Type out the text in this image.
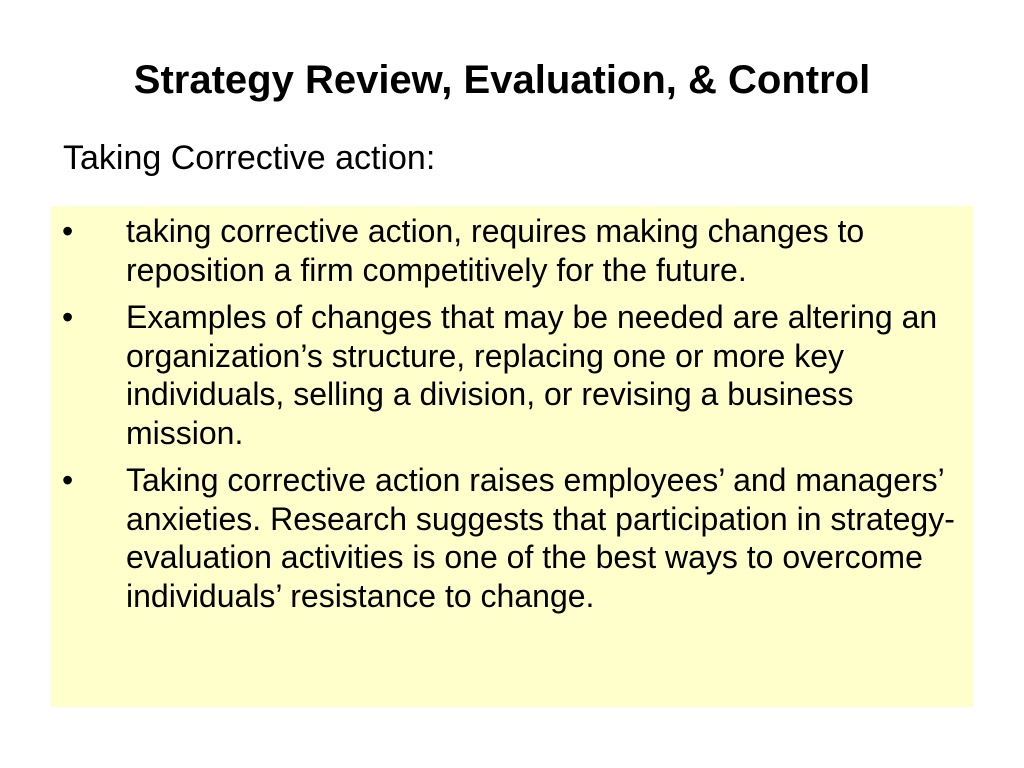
Strategy Review, Evaluation, & Control

Taking Corrective action:

• taking corrective action, requires making changes to reposition a firm competitively for the future.
• Examples of changes that may be needed are altering an organization’s structure, replacing one or more key individuals, selling a division, or revising a business mission.
• Taking corrective action raises employees’ and managers’ anxieties. Research suggests that participation in strategy-evaluation activities is one of the best ways to overcome individuals’ resistance to change.
